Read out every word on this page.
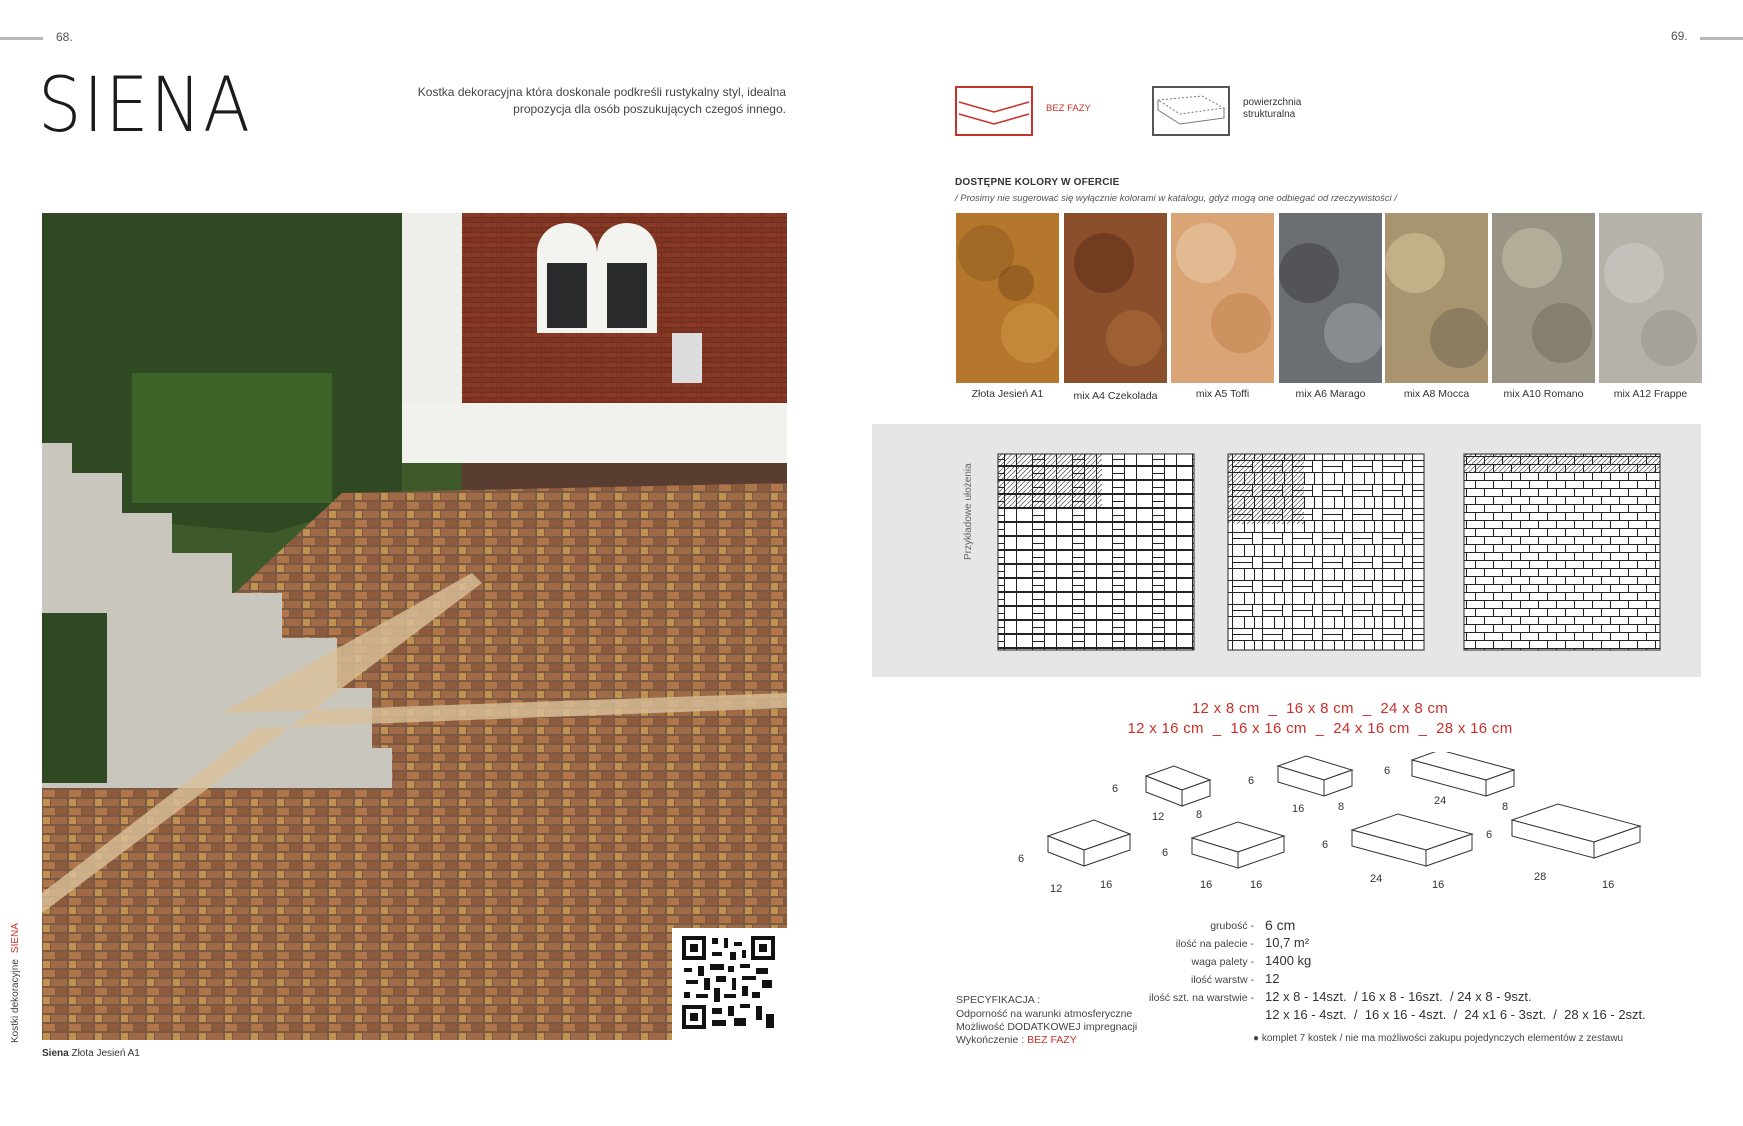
68.	69.
SIENA	Kostka dekoracyjna która doskonale podkreśli rustykalny styl, idealna propozycja dla osób poszukujących czegoś innego.
Siena Złota Jesień A1
Kostki dekoracyjneSIENA
BEZ FAZY
powierzchnia
strukturalna
DOSTĘPNE KOLORY W OFERCIE
/ Prosimy nie sugerować się wyłącznie kolorami w katalogu, gdyż mogą one odbiegać od rzeczywistości /
Złota Jesień A1	mix A4 Czekolada	mix A5 Toffi	mix A6 Marago	mix A8 Mocca	mix A10 Romano	mix A12 Frappe
Przykładowe ułożenia
12 x 8 cm  _  16 x 8 cm  _  24 x 8 cm
12 x 16 cm  _  16 x 16 cm  _  24 x 16 cm  _  28 x 16 cm
6
12	8
6
16	8
6
24	8
6
12	16
6
16	16
6
24	16
6
28
16
grubość - 6 cm
ilość na palecie - 10,7 m²
waga palety - 1400 kg
ilość warstw - 12
ilość szt. na warstwie - 12 x 8 - 14szt.  / 16 x 8 - 16szt.  / 24 x 8 - 9szt.
12 x 16 - 4szt.  /  16 x 16 - 4szt.  /  24 x1 6 - 3szt.  /  28 x 16 - 2szt.
SPECYFIKACJA :
Odporność na warunki atmosferyczne
Możliwość DODATKOWEJ impregnacji
Wykończenie : BEZ FAZY	● komplet 7 kostek / nie ma możliwości zakupu pojedynczych elementów z zestawu
